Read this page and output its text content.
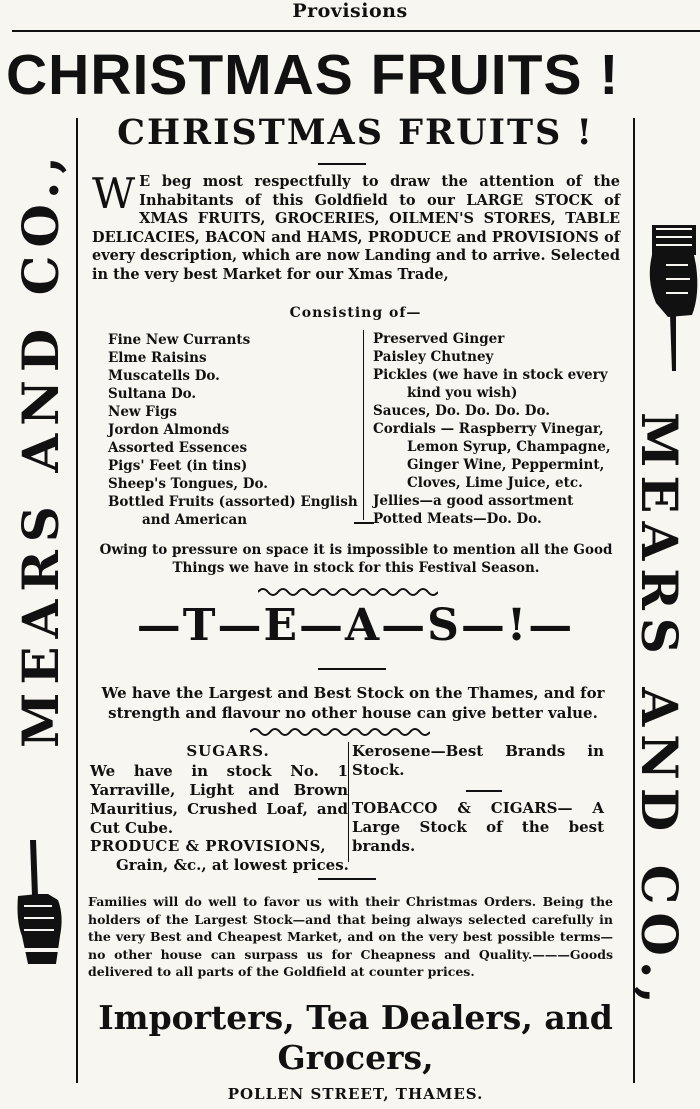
Provisions
CHRISTMAS FRUITS !
MEARS AND CO.,	MEARS AND CO.,
CHRISTMAS FRUITS !
W E beg most respectfully to draw the attention of the Inhabitants of this Goldfield to our LARGE STOCK of XMAS FRUITS, GROCERIES, OILMEN'S STORES, TABLE DELICACIES, BACON and HAMS, PRODUCE and PROVISIONS of every description, which are now Landing and to arrive. Selected in the very best Market for our Xmas Trade,
Consisting of—
Fine New Currants
Elme Raisins
Muscatells Do.
Sultana Do.
New Figs
Jordon Almonds
Assorted Essences
Pigs' Feet (in tins)
Sheep's Tongues, Do.
Bottled Fruits (assorted) English
and American
Preserved Ginger
Paisley Chutney
Pickles (we have in stock every
kind you wish)
Sauces, Do. Do. Do. Do.
Cordials — Raspberry Vinegar,
Lemon Syrup, Champagne,
Ginger Wine, Peppermint,
Cloves, Lime Juice, etc.
Jellies—a good assortment
Potted Meats—Do. Do.
Owing to pressure on space it is impossible to mention all the Good Things we have in stock for this Festival Season.
—T—E—A—S—!—
We have the Largest and Best Stock on the Thames, and for strength and flavour no other house can give better value.
SUGARS.
We have in stock No. 1 Yarraville, Light and Brown Mauritius, Crushed Loaf, and Cut Cube.
PRODUCE & PROVISIONS,
Grain, &c., at lowest prices.
Kerosene—Best Brands in Stock.
TOBACCO & CIGARS— A Large Stock of the best brands.
Families will do well to favor us with their Christmas Orders. Being the holders of the Largest Stock—and that being always selected carefully in the very Best and Cheapest Market, and on the very best possible terms—no other house can surpass us for Cheapness and Quality.———Goods delivered to all parts of the Goldfield at counter prices.
Importers, Tea Dealers, and Grocers,
POLLEN STREET, THAMES.
